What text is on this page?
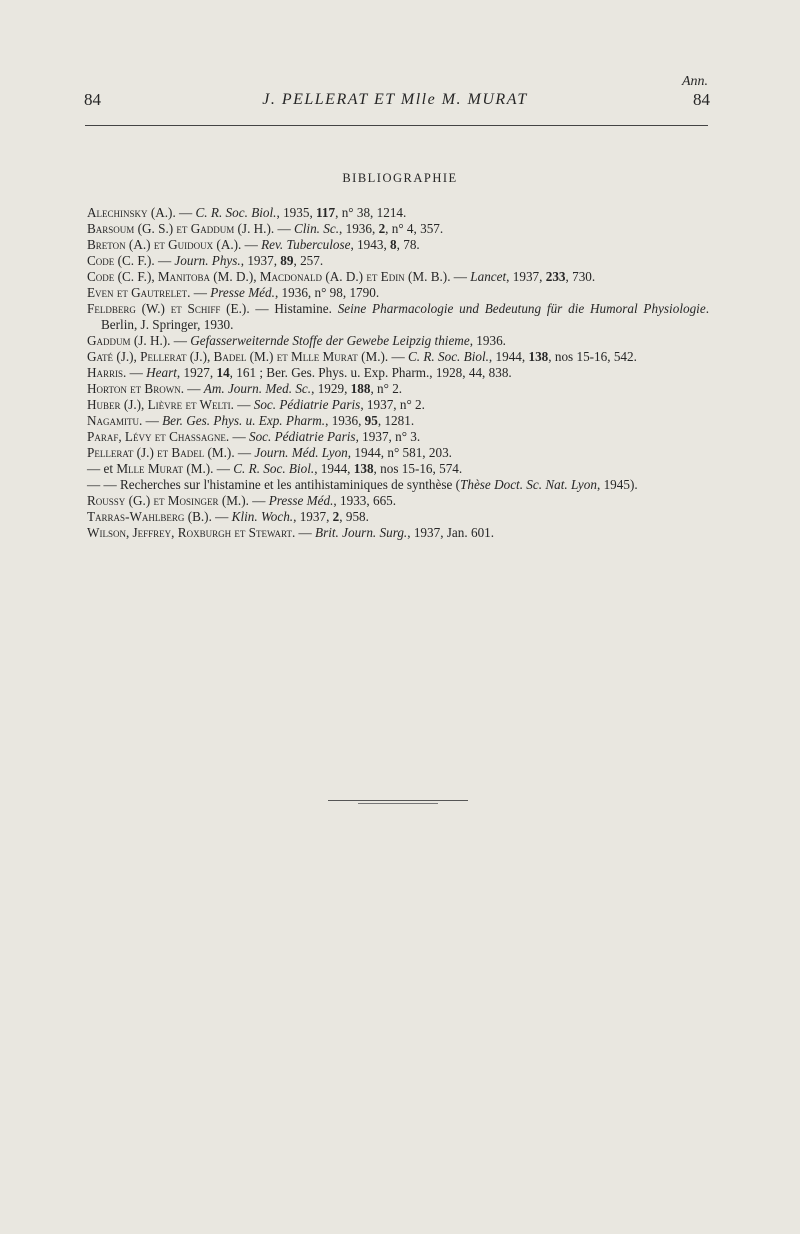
Ann.
84	J. PELLERAT ET Mlle M. MURAT	84
BIBLIOGRAPHIE
Alechinsky (A.). — C. R. Soc. Biol., 1935, 117, n° 38, 1214.
Barsoum (G. S.) et Gaddum (J. H.). — Clin. Sc., 1936, 2, n° 4, 357.
Breton (A.) et Guidoux (A.). — Rev. Tuberculose, 1943, 8, 78.
Code (C. F.). — Journ. Phys., 1937, 89, 257.
Code (C. F.), Manitoba (M. D.), Macdonald (A. D.) et Edin (M. B.). — Lancet, 1937, 233, 730.
Even et Gautrelet. — Presse Méd., 1936, n° 98, 1790.
Feldberg (W.) et Schiff (E.). — Histamine. Seine Pharmacologie und Bedeutung für die Humoral Physiologie. Berlin, J. Springer, 1930.
Gaddum (J. H.). — Gefasserweiternde Stoffe der Gewebe Leipzig thieme, 1936.
Gaté (J.), Pellerat (J.), Badel (M.) et Mlle Murat (M.). — C. R. Soc. Biol., 1944, 138, nos 15-16, 542.
Harris. — Heart, 1927, 14, 161 ; Ber. Ges. Phys. u. Exp. Pharm., 1928, 44, 838.
Horton et Brown. — Am. Journ. Med. Sc., 1929, 188, n° 2.
Huber (J.), Lièvre et Welti. — Soc. Pédiatrie Paris, 1937, n° 2.
Nagamitu. — Ber. Ges. Phys. u. Exp. Pharm., 1936, 95, 1281.
Paraf, Lévy et Chassagne. — Soc. Pédiatrie Paris, 1937, n° 3.
Pellerat (J.) et Badel (M.). — Journ. Méd. Lyon, 1944, n° 581, 203.
— et Mlle Murat (M.). — C. R. Soc. Biol., 1944, 138, nos 15-16, 574.
— — Recherches sur l'histamine et les antihistaminiques de synthèse (Thèse Doct. Sc. Nat. Lyon, 1945).
Roussy (G.) et Mosinger (M.). — Presse Méd., 1933, 665.
Tarras-Wahlberg (B.). — Klin. Woch., 1937, 2, 958.
Wilson, Jeffrey, Roxburgh et Stewart. — Brit. Journ. Surg., 1937, Jan. 601.
